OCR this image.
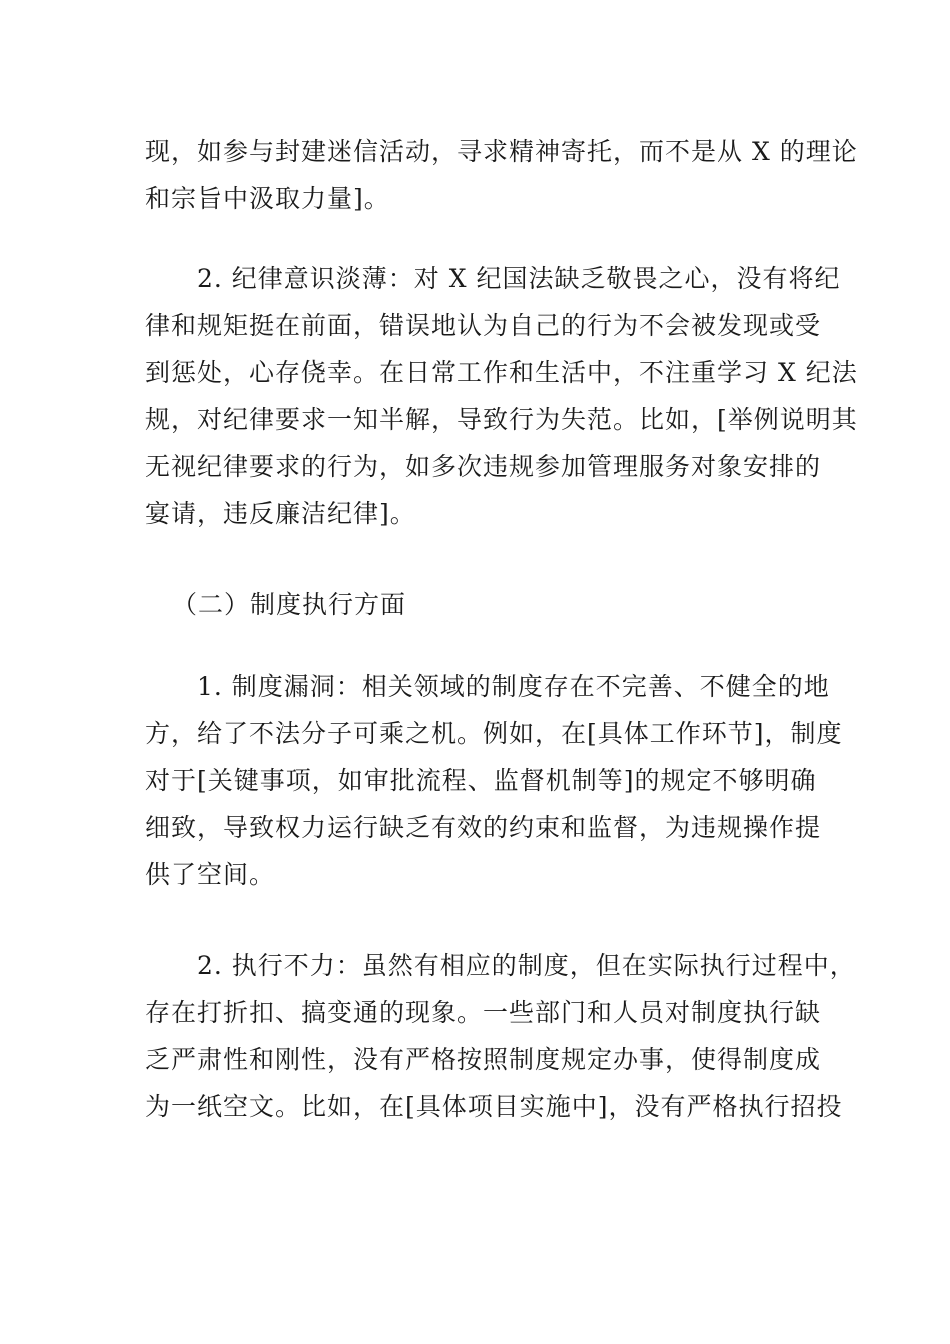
现，如参与封建迷信活动，寻求精神寄托，而不是从 X 的理论
和宗旨中汲取力量]。

2. 纪律意识淡薄：对 X 纪国法缺乏敬畏之心，没有将纪
律和规矩挺在前面，错误地认为自己的行为不会被发现或受
到惩处，心存侥幸。在日常工作和生活中，不注重学习 X 纪法
规，对纪律要求一知半解，导致行为失范。比如，[举例说明其
无视纪律要求的行为，如多次违规参加管理服务对象安排的
宴请，违反廉洁纪律]。

（二）制度执行方面

1. 制度漏洞：相关领域的制度存在不完善、不健全的地
方，给了不法分子可乘之机。例如，在[具体工作环节]，制度
对于[关键事项，如审批流程、监督机制等]的规定不够明确
细致，导致权力运行缺乏有效的约束和监督，为违规操作提
供了空间。

2. 执行不力：虽然有相应的制度，但在实际执行过程中，
存在打折扣、搞变通的现象。一些部门和人员对制度执行缺
乏严肃性和刚性，没有严格按照制度规定办事，使得制度成
为一纸空文。比如，在[具体项目实施中]，没有严格执行招投
